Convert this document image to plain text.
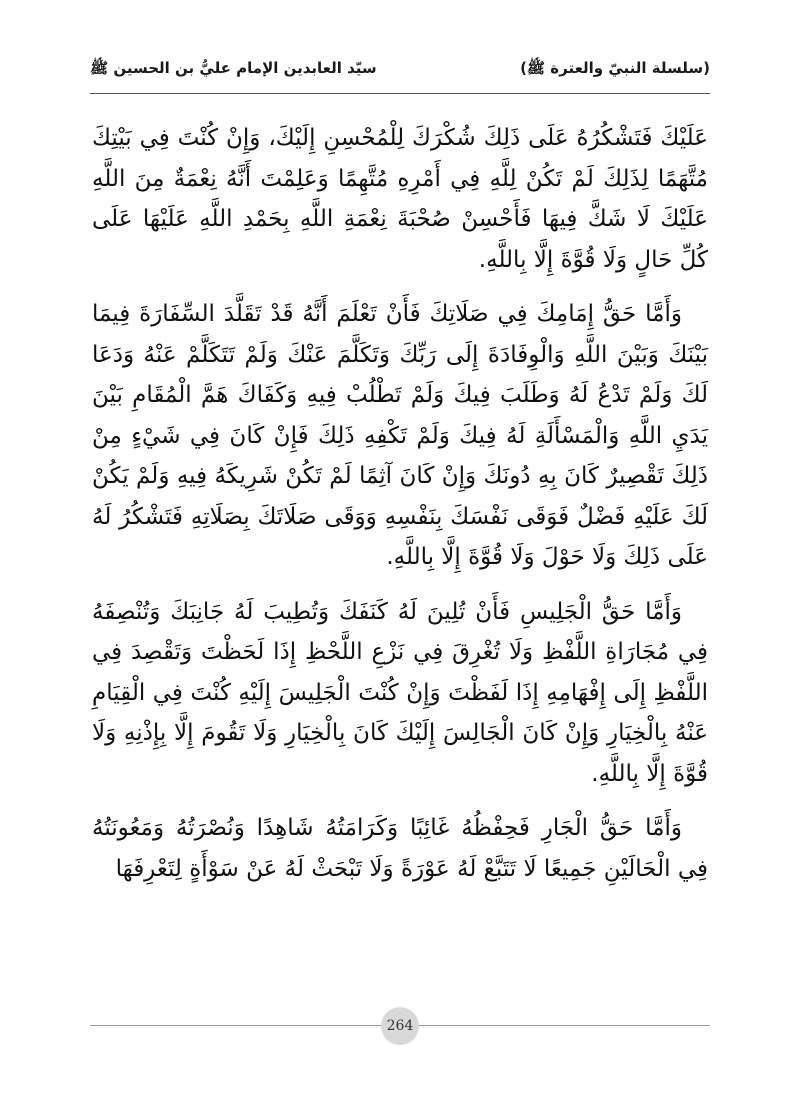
(سلسلة النبيّ والعترة ﷺ)
سيّد العابدين الإمام عليُّ بن الحسين ﷺ

عَلَيْكَ فَتَشْكُرُهُ عَلَى ذَلِكَ شُكْرَكَ لِلْمُحْسِنِ إِلَيْكَ، وَإِنْ كُنْتَ فِي بَيْتِكَ مُتَّهَمًا لِذَلِكَ لَمْ تَكُنْ لِلَّهِ فِي أَمْرِهِ مُتَّهِمًا وَعَلِمْتَ أَنَّهُ نِعْمَةٌ مِنَ اللَّهِ عَلَيْكَ لَا شَكَّ فِيهَا فَأَحْسِنْ صُحْبَةَ نِعْمَةِ اللَّهِ بِحَمْدِ اللَّهِ عَلَيْهَا عَلَى كُلِّ حَالٍ وَلَا قُوَّةَ إِلَّا بِاللَّهِ.

وَأَمَّا حَقُّ إِمَامِكَ فِي صَلَاتِكَ فَأَنْ تَعْلَمَ أَنَّهُ قَدْ تَقَلَّدَ السِّفَارَةَ فِيمَا بَيْنَكَ وَبَيْنَ اللَّهِ وَالْوِفَادَةَ إِلَى رَبِّكَ وَتَكَلَّمَ عَنْكَ وَلَمْ تَتَكَلَّمْ عَنْهُ وَدَعَا لَكَ وَلَمْ تَدْعُ لَهُ وَطَلَبَ فِيكَ وَلَمْ تَطْلُبْ فِيهِ وَكَفَاكَ هَمَّ الْمُقَامِ بَيْنَ يَدَيِ اللَّهِ وَالْمَسْأَلَةِ لَهُ فِيكَ وَلَمْ تَكْفِهِ ذَلِكَ فَإِنْ كَانَ فِي شَيْءٍ مِنْ ذَلِكَ تَقْصِيرٌ كَانَ بِهِ دُونَكَ وَإِنْ كَانَ آثِمًا لَمْ تَكُنْ شَرِيكَهُ فِيهِ وَلَمْ يَكُنْ لَكَ عَلَيْهِ فَضْلٌ فَوَقَى نَفْسَكَ بِنَفْسِهِ وَوَقَى صَلَاتَكَ بِصَلَاتِهِ فَتَشْكُرُ لَهُ عَلَى ذَلِكَ وَلَا حَوْلَ وَلَا قُوَّةَ إِلَّا بِاللَّهِ.

وَأَمَّا حَقُّ الْجَلِيسِ فَأَنْ تُلِينَ لَهُ كَنَفَكَ وَتُطِيبَ لَهُ جَانِبَكَ وَتُنْصِفَهُ فِي مُجَارَاةِ اللَّفْظِ وَلَا تُغْرِقَ فِي نَزْعِ اللَّحْظِ إِذَا لَحَظْتَ وَتَقْصِدَ فِي اللَّفْظِ إِلَى إِفْهَامِهِ إِذَا لَفَظْتَ وَإِنْ كُنْتَ الْجَلِيسَ إِلَيْهِ كُنْتَ فِي الْقِيَامِ عَنْهُ بِالْخِيَارِ وَإِنْ كَانَ الْجَالِسَ إِلَيْكَ كَانَ بِالْخِيَارِ وَلَا تَقُومَ إِلَّا بِإِذْنِهِ وَلَا قُوَّةَ إِلَّا بِاللَّهِ.

وَأَمَّا حَقُّ الْجَارِ فَحِفْظُهُ غَائِبًا وَكَرَامَتُهُ شَاهِدًا وَنُصْرَتُهُ وَمَعُونَتُهُ فِي الْحَالَيْنِ جَمِيعًا لَا تَتَبَّعْ لَهُ عَوْرَةً وَلَا تَبْحَثْ لَهُ عَنْ سَوْأَةٍ لِتَعْرِفَهَا

264
